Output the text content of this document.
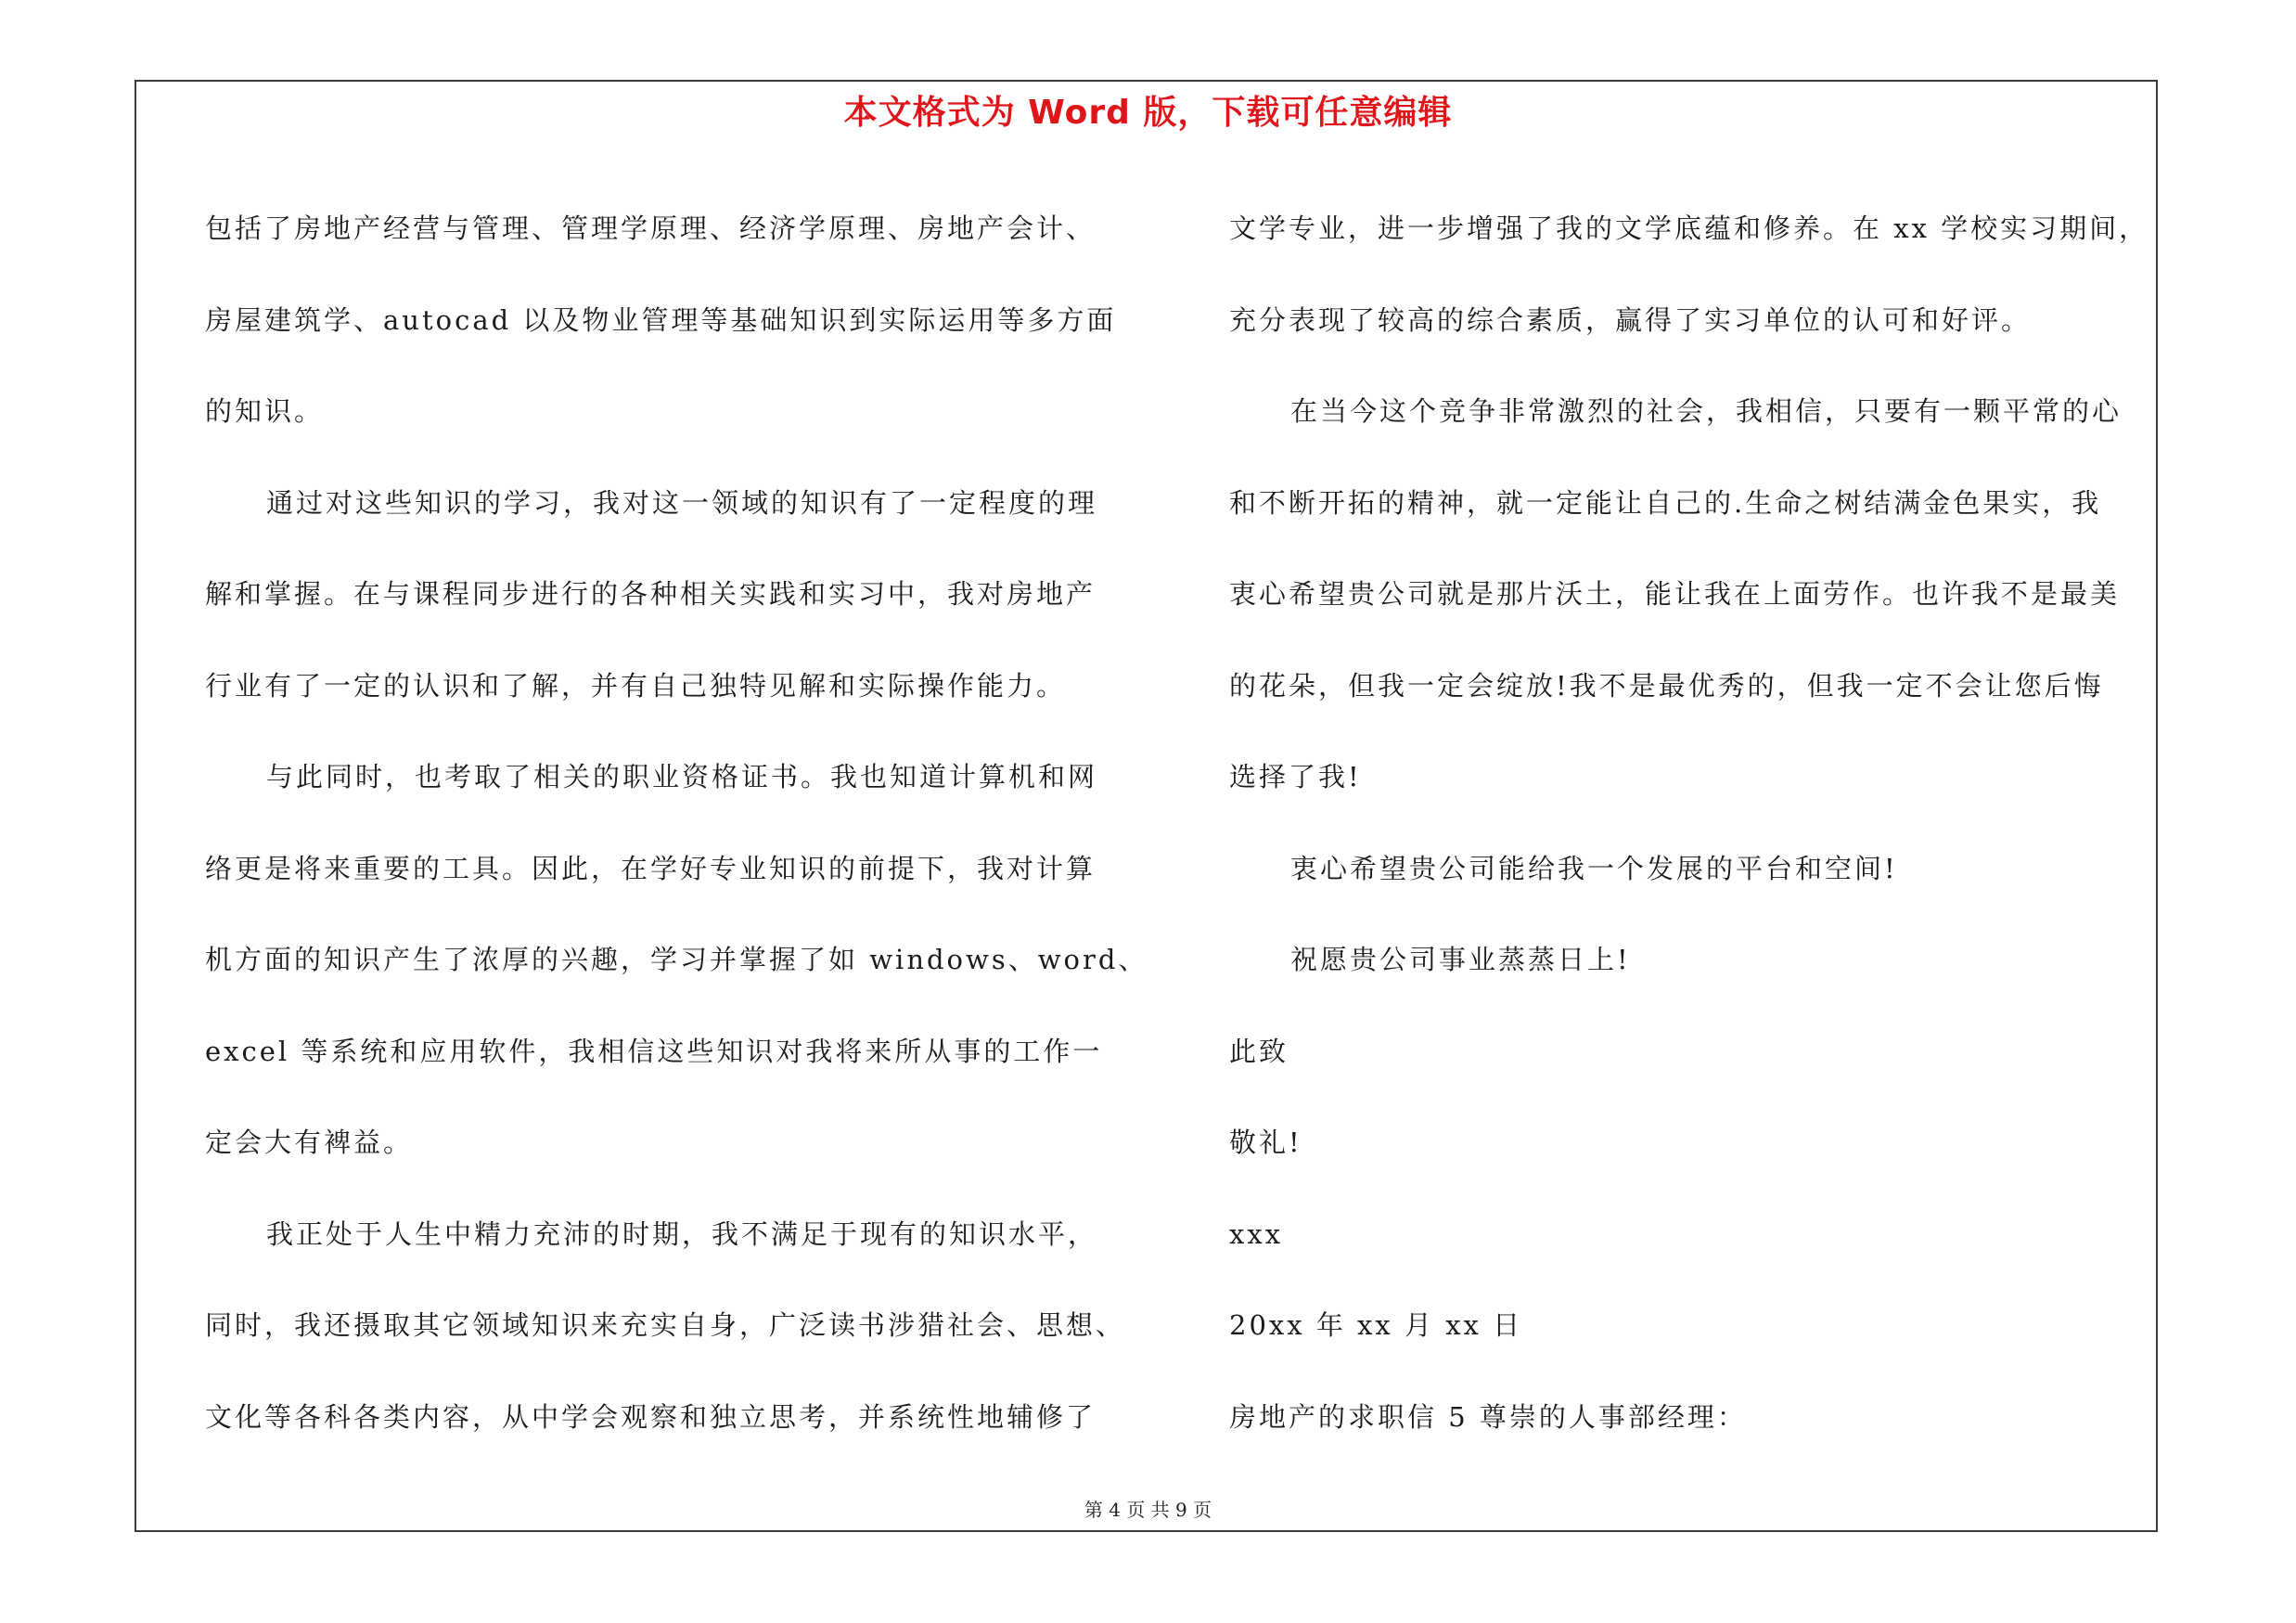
本文格式为 Word 版，下载可任意编辑
包括了房地产经营与管理、管理学原理、经济学原理、房地产会计、
房屋建筑学、autocad 以及物业管理等基础知识到实际运用等多方面
的知识。
通过对这些知识的学习，我对这一领域的知识有了一定程度的理
解和掌握。在与课程同步进行的各种相关实践和实习中，我对房地产
行业有了一定的认识和了解，并有自己独特见解和实际操作能力。
与此同时，也考取了相关的职业资格证书。我也知道计算机和网
络更是将来重要的工具。因此，在学好专业知识的前提下，我对计算
机方面的知识产生了浓厚的兴趣，学习并掌握了如 windows、word、
excel 等系统和应用软件，我相信这些知识对我将来所从事的工作一
定会大有裨益。
我正处于人生中精力充沛的时期，我不满足于现有的知识水平，
同时，我还摄取其它领域知识来充实自身，广泛读书涉猎社会、思想、
文化等各科各类内容，从中学会观察和独立思考，并系统性地辅修了
文学专业，进一步增强了我的文学底蕴和修养。在 xx 学校实习期间，
充分表现了较高的综合素质，赢得了实习单位的认可和好评。
在当今这个竞争非常激烈的社会，我相信，只要有一颗平常的心
和不断开拓的精神，就一定能让自己的.生命之树结满金色果实，我
衷心希望贵公司就是那片沃土，能让我在上面劳作。也许我不是最美
的花朵，但我一定会绽放!我不是最优秀的，但我一定不会让您后悔
选择了我!
衷心希望贵公司能给我一个发展的平台和空间!
祝愿贵公司事业蒸蒸日上!
此致
敬礼!
xxx
20xx 年 xx 月 xx 日
房地产的求职信 5 尊崇的人事部经理：
第 4 页 共 9 页
